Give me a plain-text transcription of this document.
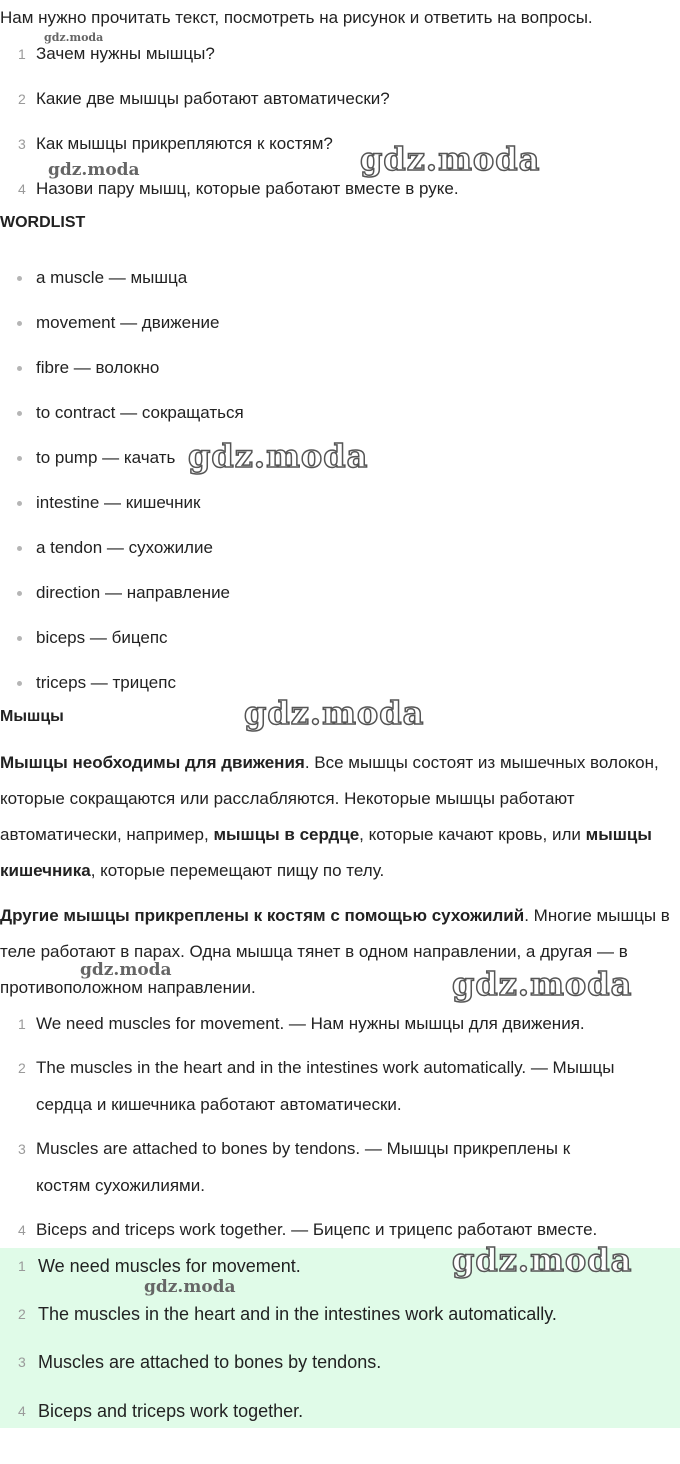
Нам нужно прочитать текст, посмотреть на рисунок и ответить на вопросы.
1 Зачем нужны мышцы?
2 Какие две мышцы работают автоматически?
3 Как мышцы прикрепляются к костям?
4 Назови пару мышц, которые работают вместе в руке.
WORDLIST
a muscle — мышца
movement — движение
fibre — волокно
to contract — сокращаться
to pump — качать
intestine — кишечник
a tendon — сухожилие
direction — направление
biceps — бицепс
triceps — трицепс
Мышцы
Мышцы необходимы для движения. Все мышцы состоят из мышечных волокон, которые сокращаются или расслабляются. Некоторые мышцы работают автоматически, например, мышцы в сердце, которые качают кровь, или мышцы кишечника, которые перемещают пищу по телу.
Другие мышцы прикреплены к костям с помощью сухожилий. Многие мышцы в теле работают в парах. Одна мышца тянет в одном направлении, а другая — в противоположном направлении.
1 We need muscles for movement. — Нам нужны мышцы для движения.
2 The muscles in the heart and in the intestines work automatically. — Мышцы
сердца и кишечника работают автоматически.
3 Muscles are attached to bones by tendons. — Мышцы прикреплены к
костям сухожилиями.
4 Biceps and triceps work together. — Бицепс и трицепс работают вместе.
1 We need muscles for movement.
2 The muscles in the heart and in the intestines work automatically.
3 Muscles are attached to bones by tendons.
4 Biceps and triceps work together.
gdz.moda
gdz.moda
gdz.moda
gdz.moda
gdz.moda
gdz.moda	gdz.moda
gdz.moda
gdz.moda
